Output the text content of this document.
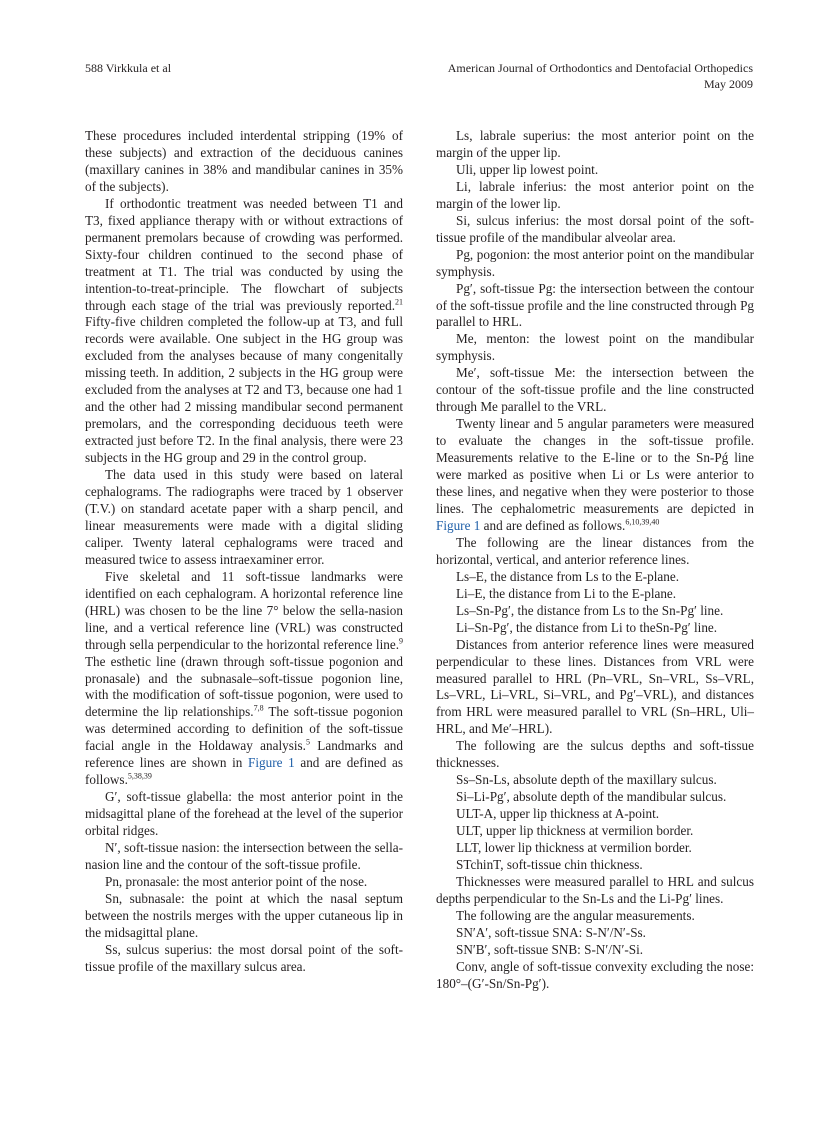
588 Virkkula et al	American Journal of Orthodontics and Dentofacial Orthopedics
May 2009

These procedures included interdental stripping (19% of these subjects) and extraction of the deciduous canines (maxillary canines in 38% and mandibular canines in 35% of the subjects).

If orthodontic treatment was needed between T1 and T3, fixed appliance therapy with or without extractions of permanent premolars because of crowding was performed. Sixty-four children continued to the second phase of treatment at T1. The trial was conducted by using the intention-to-treat-principle. The flowchart of subjects through each stage of the trial was previously reported.$^{21}$ Fifty-five children completed the follow-up at T3, and full records were available. One subject in the HG group was excluded from the analyses because of many congenitally missing teeth. In addition, 2 subjects in the HG group were excluded from the analyses at T2 and T3, because one had 1 and the other had 2 missing mandibular second permanent premolars, and the corresponding deciduous teeth were extracted just before T2. In the final analysis, there were 23 subjects in the HG group and 29 in the control group.

The data used in this study were based on lateral cephalograms. The radiographs were traced by 1 observer (T.V.) on standard acetate paper with a sharp pencil, and linear measurements were made with a digital sliding caliper. Twenty lateral cephalograms were traced and measured twice to assess intraexaminer error.

Five skeletal and 11 soft-tissue landmarks were identified on each cephalogram. A horizontal reference line (HRL) was chosen to be the line 7° below the sella-nasion line, and a vertical reference line (VRL) was constructed through sella perpendicular to the horizontal reference line.$^9$ The esthetic line (drawn through soft-tissue pogonion and pronasale) and the subnasale–soft-tissue pogonion line, with the modification of soft-tissue pogonion, were used to determine the lip relationships.$^{7,8}$ The soft-tissue pogonion was determined according to definition of the soft-tissue facial angle in the Holdaway analysis.$^5$ Landmarks and reference lines are shown in Figure 1 and are defined as follows.$^{5,38,39}$

G′, soft-tissue glabella: the most anterior point in the midsagittal plane of the forehead at the level of the superior orbital ridges.

N′, soft-tissue nasion: the intersection between the sella-nasion line and the contour of the soft-tissue profile.

Pn, pronasale: the most anterior point of the nose.

Sn, subnasale: the point at which the nasal septum between the nostrils merges with the upper cutaneous lip in the midsagittal plane.

Ss, sulcus superius: the most dorsal point of the soft-tissue profile of the maxillary sulcus area.

Ls, labrale superius: the most anterior point on the margin of the upper lip.

Uli, upper lip lowest point.

Li, labrale inferius: the most anterior point on the margin of the lower lip.

Si, sulcus inferius: the most dorsal point of the soft-tissue profile of the mandibular alveolar area.

Pg, pogonion: the most anterior point on the mandibular symphysis.

Pg′, soft-tissue Pg: the intersection between the contour of the soft-tissue profile and the line constructed through Pg parallel to HRL.

Me, menton: the lowest point on the mandibular symphysis.

Me′, soft-tissue Me: the intersection between the contour of the soft-tissue profile and the line constructed through Me parallel to the VRL.

Twenty linear and 5 angular parameters were measured to evaluate the changes in the soft-tissue profile. Measurements relative to the E-line or to the Sn-Pǵ line were marked as positive when Li or Ls were anterior to these lines, and negative when they were posterior to those lines. The cephalometric measurements are depicted in Figure 1 and are defined as follows.$^{6,10,39,40}$

The following are the linear distances from the horizontal, vertical, and anterior reference lines.

Ls–E, the distance from Ls to the E-plane.

Li–E, the distance from Li to the E-plane.

Ls–Sn-Pg′, the distance from Ls to the Sn-Pg′ line.

Li–Sn-Pg′, the distance from Li to theSn-Pg′ line.

Distances from anterior reference lines were measured perpendicular to these lines. Distances from VRL were measured parallel to HRL (Pn–VRL, Sn–VRL, Ss–VRL, Ls–VRL, Li–VRL, Si–VRL, and Pg′–VRL), and distances from HRL were measured parallel to VRL (Sn–HRL, Uli–HRL, and Me′–HRL).

The following are the sulcus depths and soft-tissue thicknesses.

Ss–Sn-Ls, absolute depth of the maxillary sulcus.

Si–Li-Pg′, absolute depth of the mandibular sulcus.

ULT-A, upper lip thickness at A-point.

ULT, upper lip thickness at vermilion border.

LLT, lower lip thickness at vermilion border.

STchinT, soft-tissue chin thickness.

Thicknesses were measured parallel to HRL and sulcus depths perpendicular to the Sn-Ls and the Li-Pg′ lines.

The following are the angular measurements.

SN′A′, soft-tissue SNA: S-N′/N′-Ss.

SN′B′, soft-tissue SNB: S-N′/N′-Si.

Conv, angle of soft-tissue convexity excluding the nose: 180°–(G′-Sn/Sn-Pg′).
